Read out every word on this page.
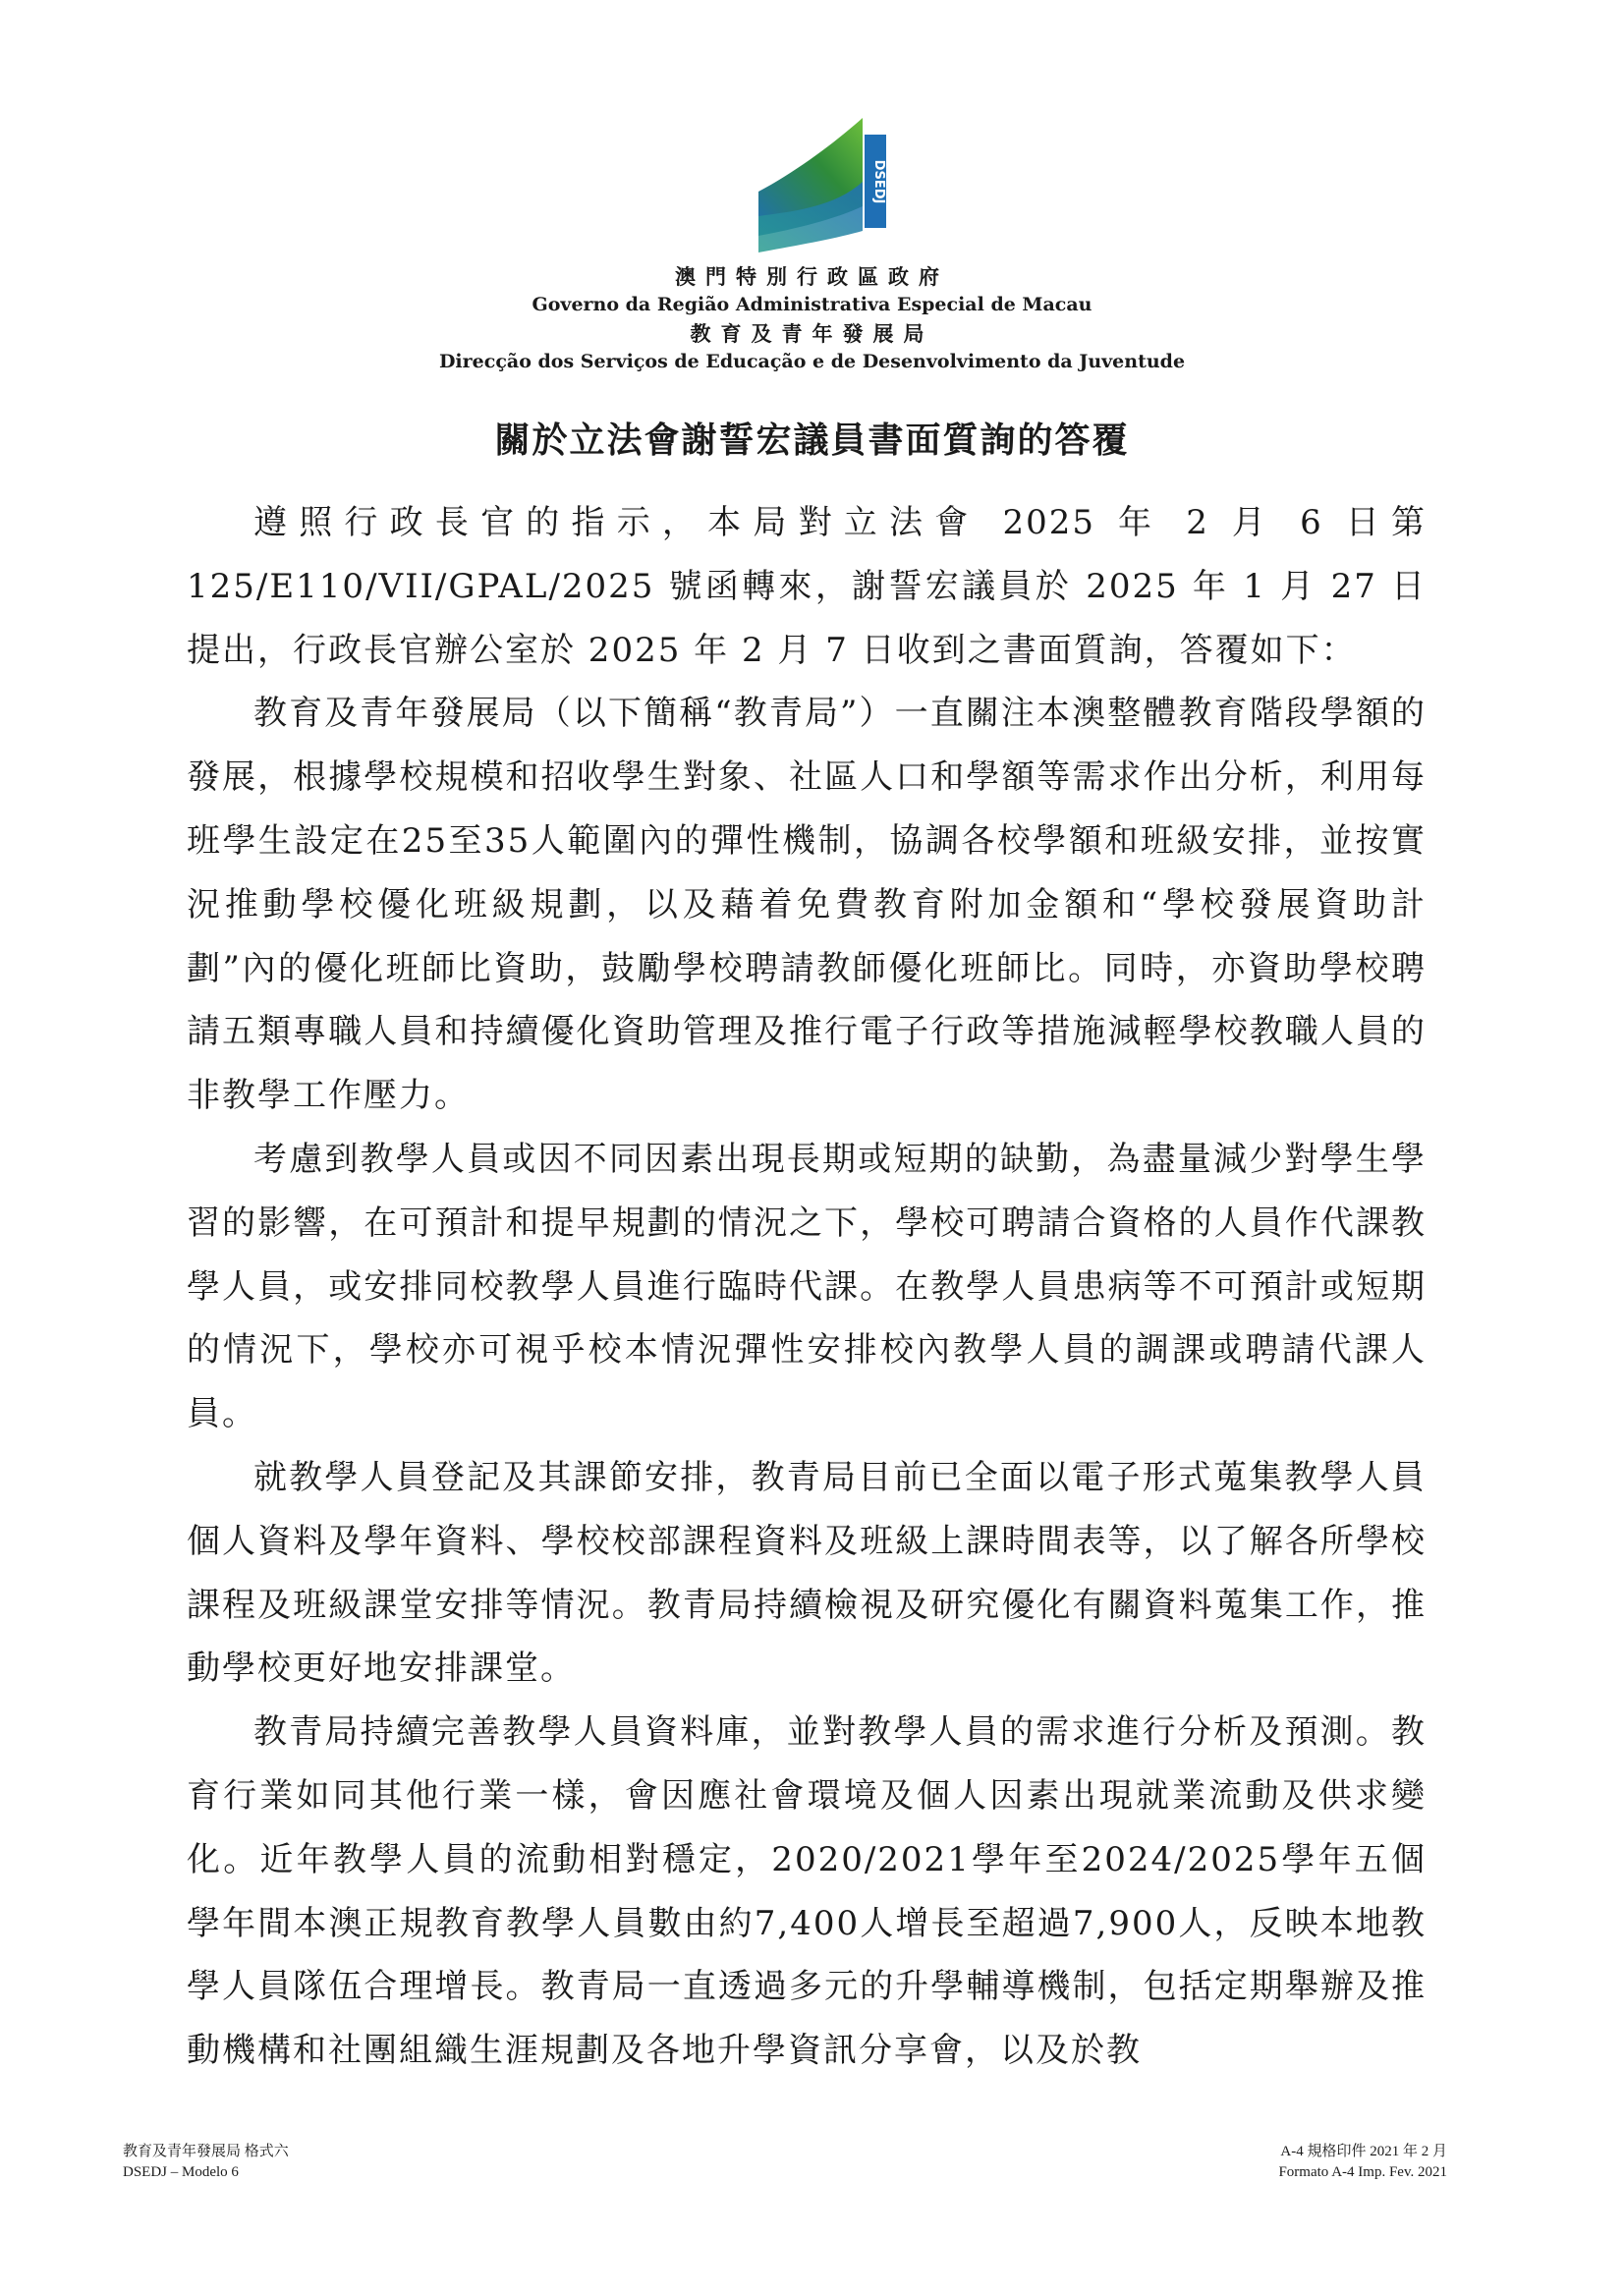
DSEDJ

澳門特別行政區政府

Governo da Região Administrativa Especial de Macau

教育及青年發展局

Direcção dos Serviços de Educação e de Desenvolvimento da Juventude

關於立法會謝誓宏議員書面質詢的答覆

遵照行政長官的指示，本局對立法會 2025 年 2 月 6 日第 125/E110/VII/GPAL/2025 號函轉來，謝誓宏議員於 2025 年 1 月 27 日提出，行政長官辦公室於 2025 年 2 月 7 日收到之書面質詢，答覆如下：

教育及青年發展局（以下簡稱“教青局”）一直關注本澳整體教育階段學額的發展，根據學校規模和招收學生對象、社區人口和學額等需求作出分析，利用每班學生設定在25至35人範圍內的彈性機制，協調各校學額和班級安排，並按實況推動學校優化班級規劃，以及藉着免費教育附加金額和“學校發展資助計劃”內的優化班師比資助，鼓勵學校聘請教師優化班師比。同時，亦資助學校聘請五類專職人員和持續優化資助管理及推行電子行政等措施減輕學校教職人員的非教學工作壓力。

考慮到教學人員或因不同因素出現長期或短期的缺勤，為盡量減少對學生學習的影響，在可預計和提早規劃的情況之下，學校可聘請合資格的人員作代課教學人員，或安排同校教學人員進行臨時代課。在教學人員患病等不可預計或短期的情況下，學校亦可視乎校本情況彈性安排校內教學人員的調課或聘請代課人員。

就教學人員登記及其課節安排，教青局目前已全面以電子形式蒐集教學人員個人資料及學年資料、學校校部課程資料及班級上課時間表等，以了解各所學校課程及班級課堂安排等情況。教青局持續檢視及研究優化有關資料蒐集工作，推動學校更好地安排課堂。

教青局持續完善教學人員資料庫，並對教學人員的需求進行分析及預測。教育行業如同其他行業一樣，會因應社會環境及個人因素出現就業流動及供求變化。近年教學人員的流動相對穩定，2020/2021學年至2024/2025學年五個學年間本澳正規教育教學人員數由約7,400人增長至超過7,900人，反映本地教學人員隊伍合理增長。教青局一直透過多元的升學輔導機制，包括定期舉辦及推動機構和社團組織生涯規劃及各地升學資訊分享會，以及於教

教育及青年發展局 格式六
DSEDJ – Modelo 6
A-4 規格印件 2021 年 2 月
Formato A-4 Imp. Fev. 2021
